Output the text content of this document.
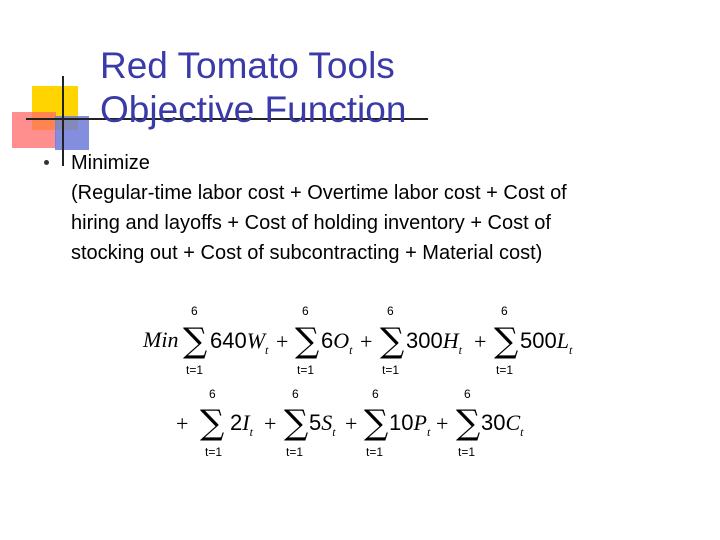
Red Tomato Tools
Objective Function
Minimize
(Regular-time labor cost + Overtime labor cost + Cost of
hiring and layoffs + Cost of holding inventory + Cost of
stocking out + Cost of subcontracting + Material cost)
Min
6
∑
t=1
$640W_t$ +
6
∑
t=1
$6O_t$ +
6
∑
t=1
$300H_t$ +
6
∑
t=1
$500L_t$
+
6
∑
t=1
$2I_t$ +
6
∑
t=1
$5S_t$ +
6
∑
t=1
$10P_t$ +
6
∑
t=1
$30C_t$
